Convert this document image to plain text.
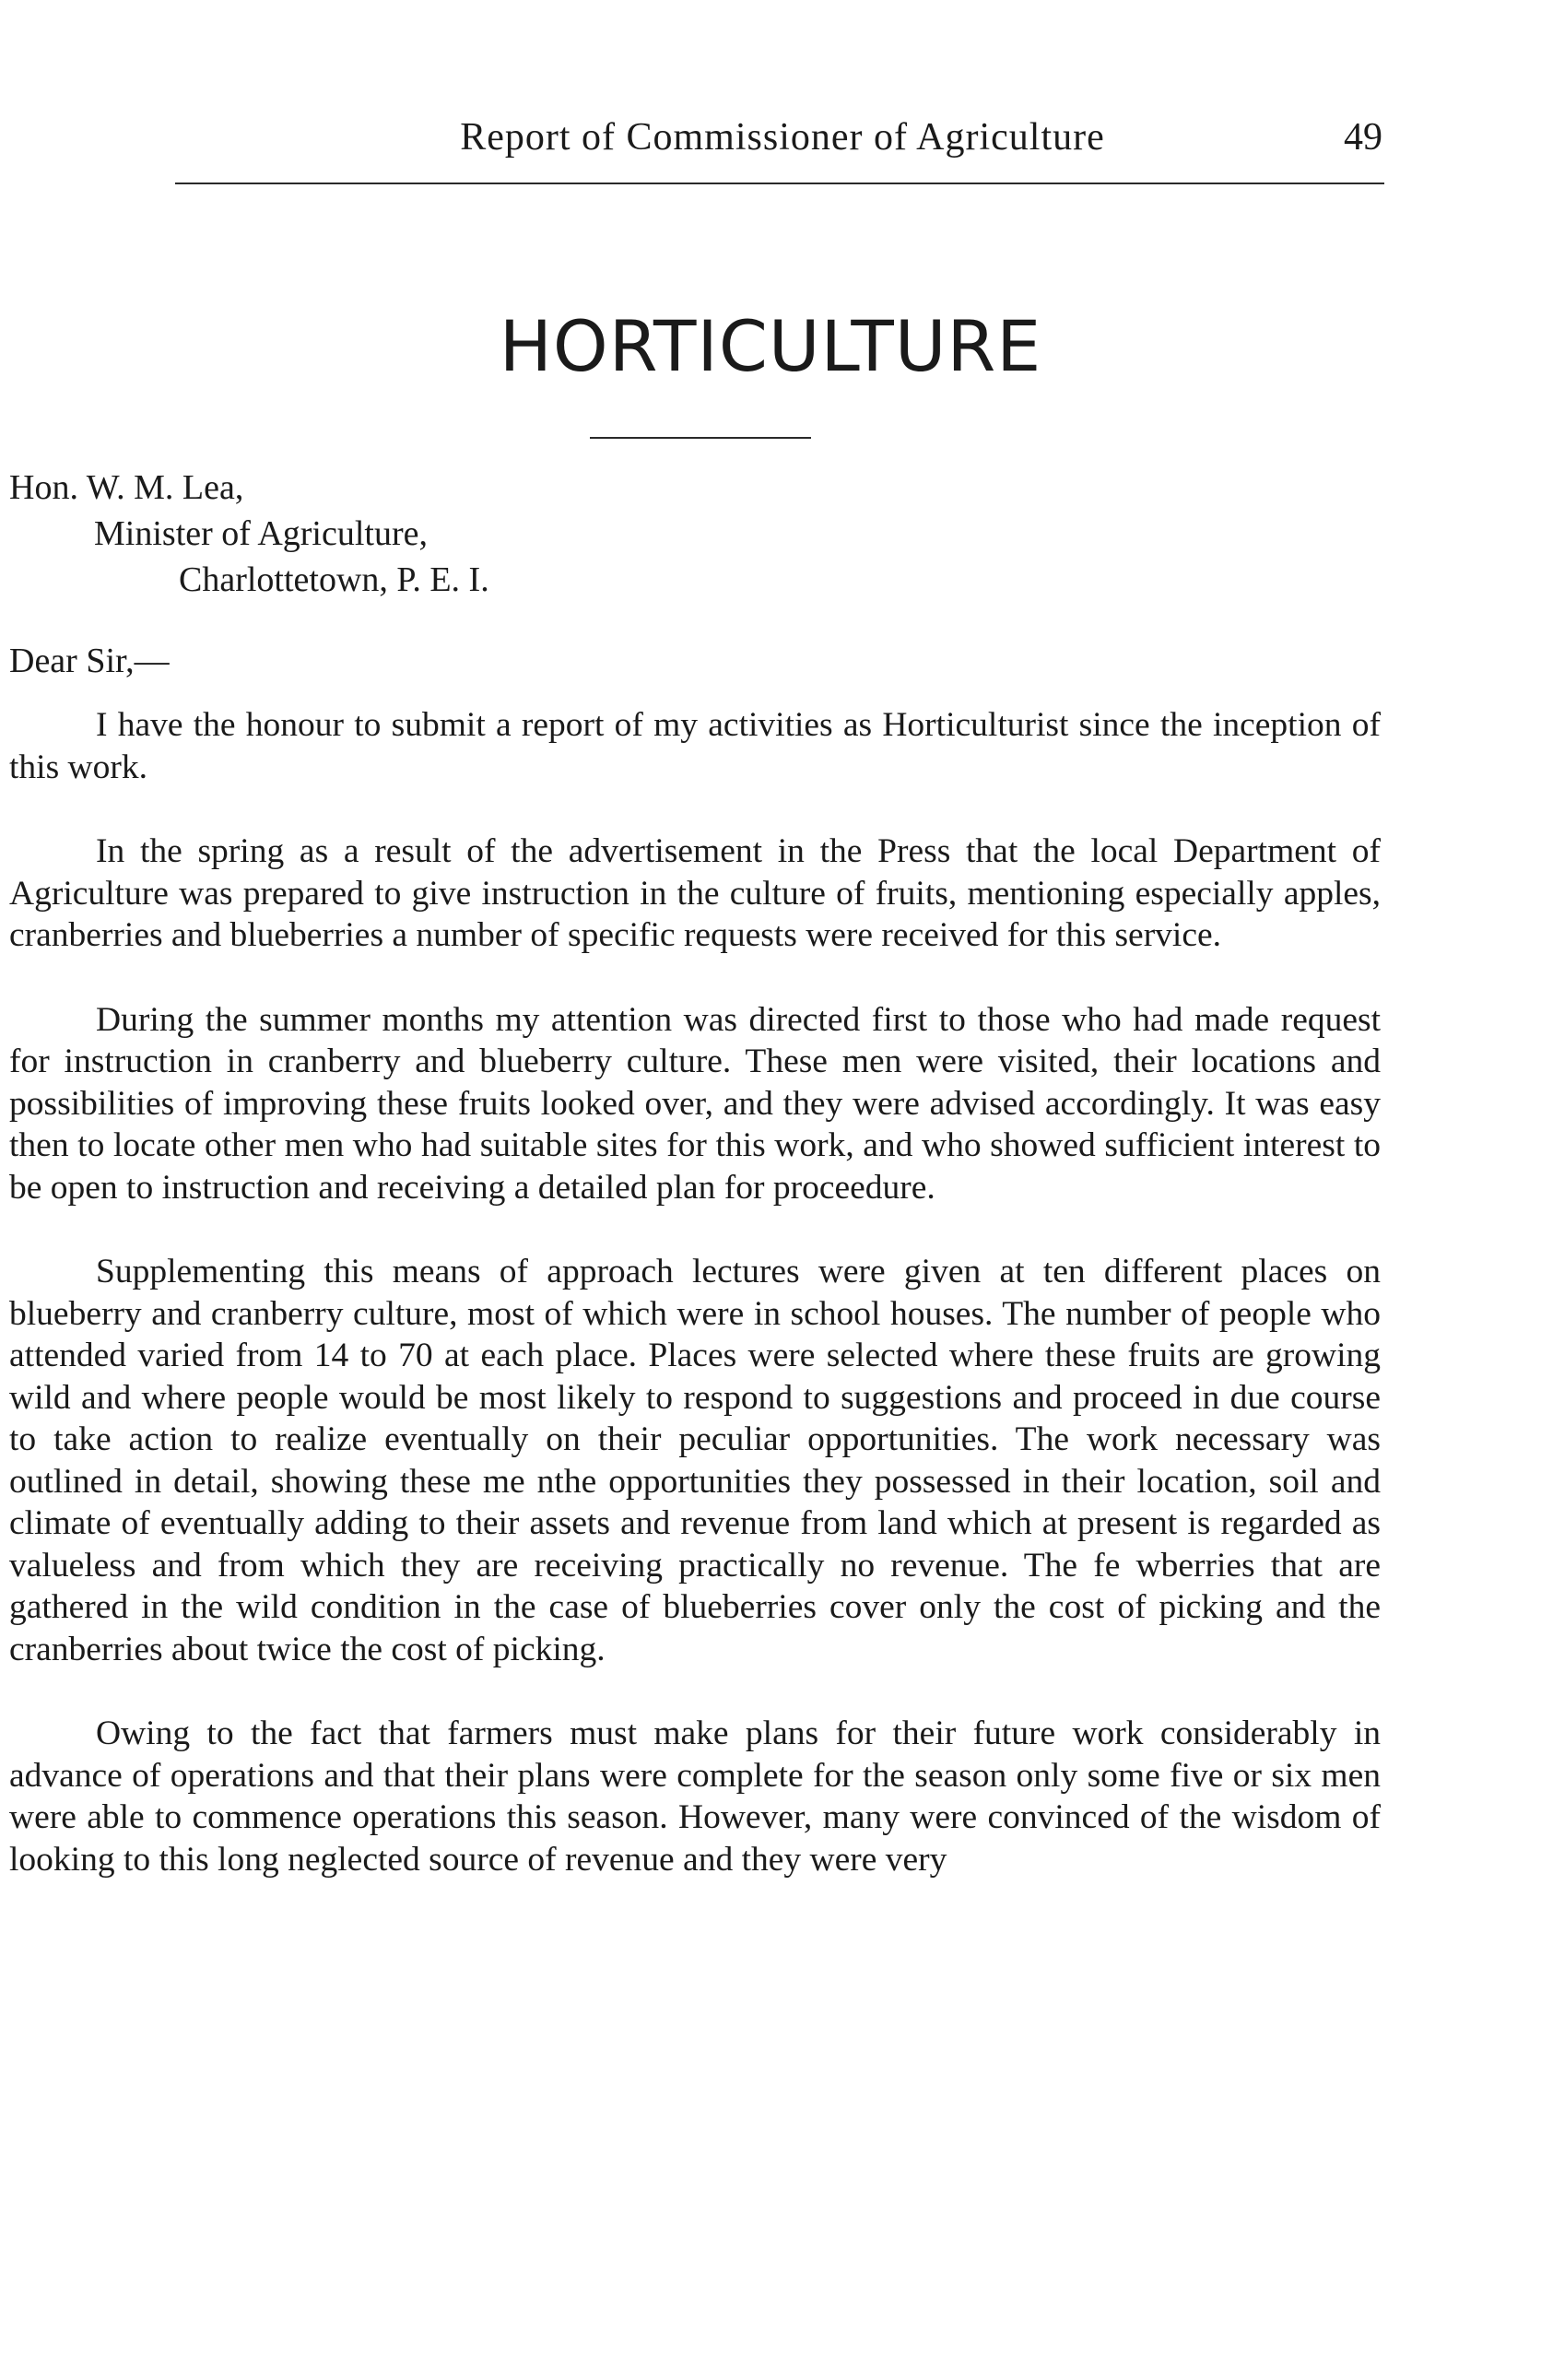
Report of Commissioner of Agriculture	49
HORTICULTURE
Hon. W. M. Lea,
Minister of Agriculture,
Charlottetown, P. E. I.
Dear Sir,—

I have the honour to submit a report of my activities as Horticulturist since the inception of this work.

In the spring as a result of the advertisement in the Press that the local Department of Agriculture was prepared to give instruction in the culture of fruits, mentioning especially apples, cranberries and blueberries a number of specific requests were received for this service.

During the summer months my attention was directed first to those who had made request for instruction in cranberry and blueberry culture. These men were visited, their locations and possibilities of improving these fruits looked over, and they were advised accordingly. It was easy then to locate other men who had suitable sites for this work, and who showed sufficient interest to be open to instruction and receiving a detailed plan for proceedure.

Supplementing this means of approach lectures were given at ten different places on blueberry and cranberry culture, most of which were in school houses. The number of people who attended varied from 14 to 70 at each place. Places were selected where these fruits are growing wild and where people would be most likely to respond to suggestions and proceed in due course to take action to realize eventually on their peculiar opportunities. The work necessary was outlined in detail, showing these me nthe opportunities they possessed in their location, soil and climate of eventually adding to their assets and revenue from land which at present is regarded as valueless and from which they are receiving practically no revenue. The fe wberries that are gathered in the wild condition in the case of blueberries cover only the cost of picking and the cranberries about twice the cost of picking.

Owing to the fact that farmers must make plans for their future work considerably in advance of operations and that their plans were complete for the season only some five or six men were able to commence operations this season. However, many were convinced of the wisdom of looking to this long neglected source of revenue and they were very
